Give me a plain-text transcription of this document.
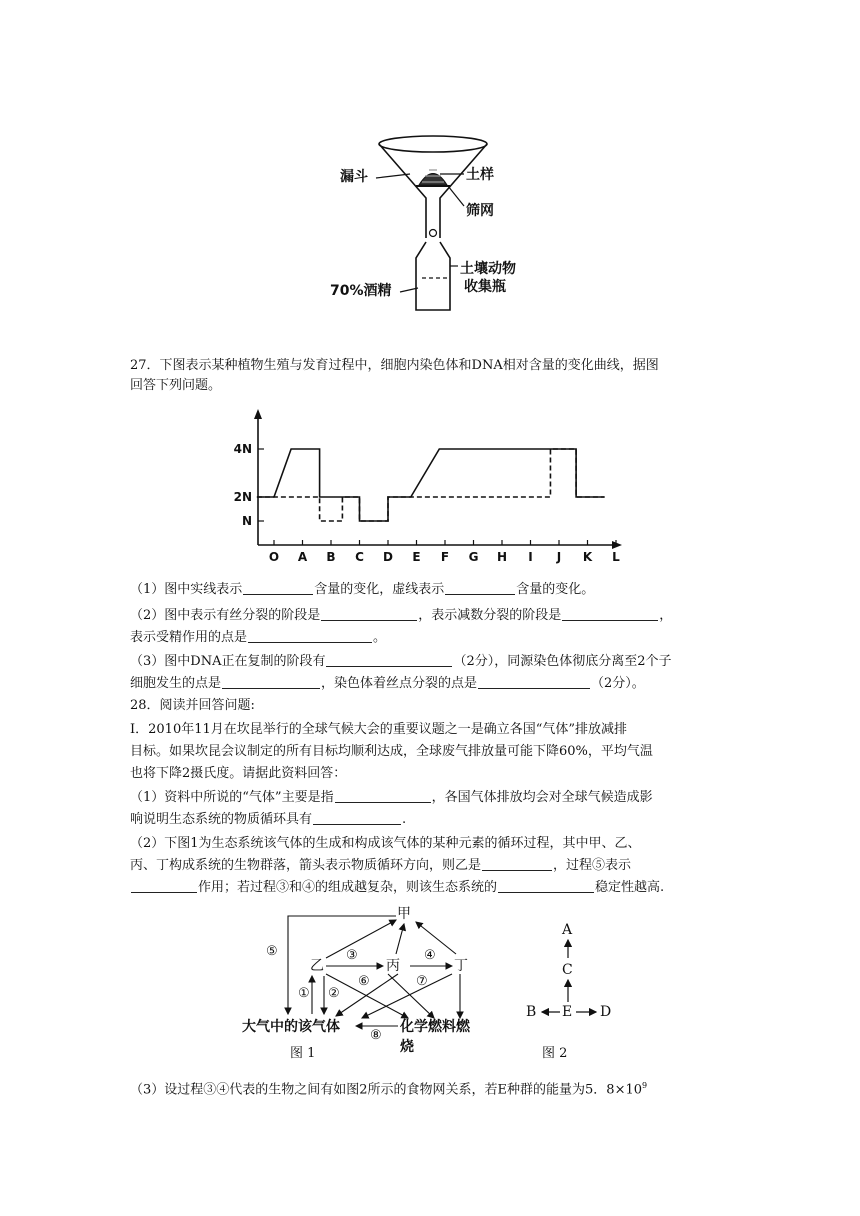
漏斗	土样
筛网
土壤动物
收集瓶
70%酒精
27．下图表示某种植物生殖与发育过程中，细胞内染色体和DNA相对含量的变化曲线，据图
回答下列问题。
O A B C D E F G H I J K L
4N
2N
N
（1）图中实线表示	含量的变化，虚线表示	含量的变化。
（2）图中表示有丝分裂的阶段是	，表示减数分裂的阶段是	，
表示受精作用的点是	。
（3）图中DNA正在复制的阶段有	（2分），同源染色体彻底分离至2个子
细胞发生的点是	，染色体着丝点分裂的点是	（2分）。
28．阅读并回答问题:
Ⅰ．2010年11月在坎昆举行的全球气候大会的重要议题之一是确立各国“气体”排放减排
目标。如果坎昆会议制定的所有目标均顺利达成，全球废气排放量可能下降60%，平均气温
也将下降2摄氏度。请据此资料回答：
（1）资料中所说的“气体”主要是指	，各国气体排放均会对全球气候造成影
响说明生态系统的物质循环具有	.
（2）下图1为生态系统该气体的生成和构成该气体的某种元素的循环过程，其中甲、乙、
丙、丁构成系统的生物群落，箭头表示物质循环方向，则乙是	，过程⑤表示
作用；若过程③和④的组成越复杂，则该生态系统的	稳定性越高.
甲
乙	丙	丁
大气中的该气体	化学燃料燃烧
① ②
③	④
⑤
⑥	⑦
⑧
图 1
A
C
E
B	D
图 2
（3）设过程③④代表的生物之间有如图2所示的食物网关系，若E种群的能量为5．$8\times 10^9$
